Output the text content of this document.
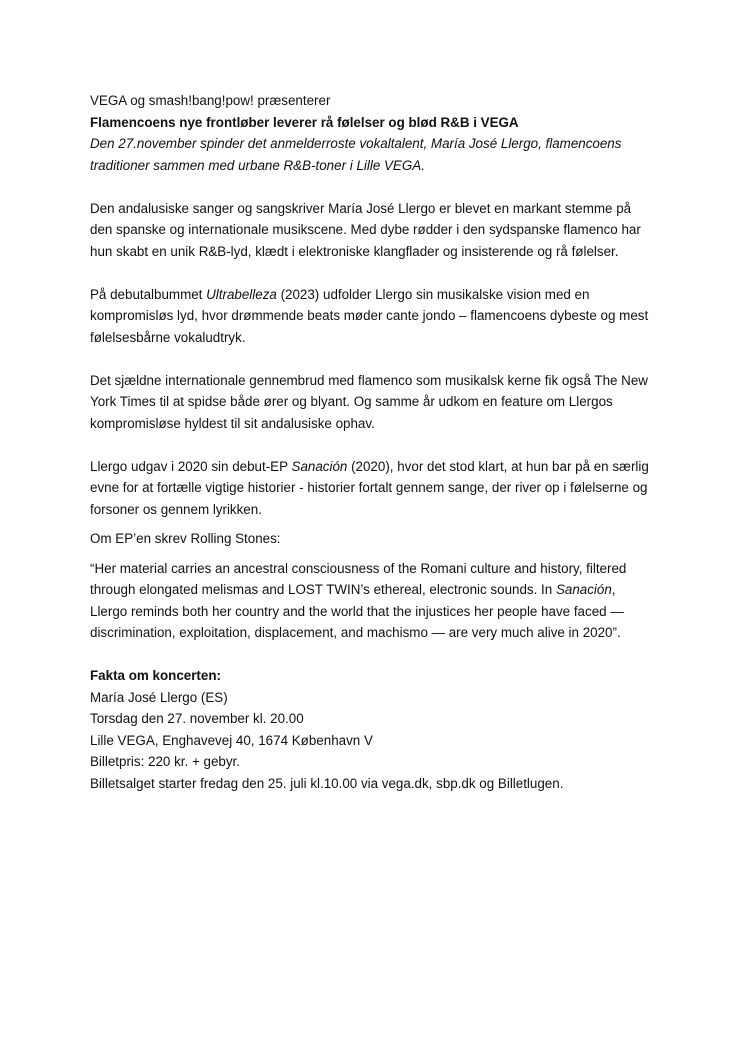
VEGA og smash!bang!pow! præsenterer

Flamencoens nye frontløber leverer rå følelser og blød R&B i VEGA

Den 27.november spinder det anmelderroste vokaltalent, María José Llergo, flamencoens traditioner sammen med urbane R&B-toner i Lille VEGA.

Den andalusiske sanger og sangskriver María José Llergo er blevet en markant stemme på den spanske og internationale musikscene. Med dybe rødder i den sydspanske flamenco har hun skabt en unik R&B-lyd, klædt i elektroniske klangflader og insisterende og rå følelser.

På debutalbummet Ultrabelleza (2023) udfolder Llergo sin musikalske vision med en kompromisløs lyd, hvor drømmende beats møder cante jondo – flamencoens dybeste og mest følelsesbårne vokaludtryk.

Det sjældne internationale gennembrud med flamenco som musikalsk kerne fik også The New York Times til at spidse både ører og blyant. Og samme år udkom en feature om Llergos kompromisløse hyldest til sit andalusiske ophav.

Llergo udgav i 2020 sin debut-EP Sanación (2020), hvor det stod klart, at hun bar på en særlig evne for at fortælle vigtige historier - historier fortalt gennem sange, der river op i følelserne og forsoner os gennem lyrikken.

Om EP’en skrev Rolling Stones:

“Her material carries an ancestral consciousness of the Romani culture and history, filtered through elongated melismas and LOST TWIN’s ethereal, electronic sounds. In Sanación, Llergo reminds both her country and the world that the injustices her people have faced — discrimination, exploitation, displacement, and machismo — are very much alive in 2020”.

Fakta om koncerten:

María José Llergo (ES)

Torsdag den 27. november kl. 20.00

Lille VEGA, Enghavevej 40, 1674 København V

Billetpris: 220 kr. + gebyr.

Billetsalget starter fredag den 25. juli kl.10.00 via vega.dk, sbp.dk og Billetlugen.
